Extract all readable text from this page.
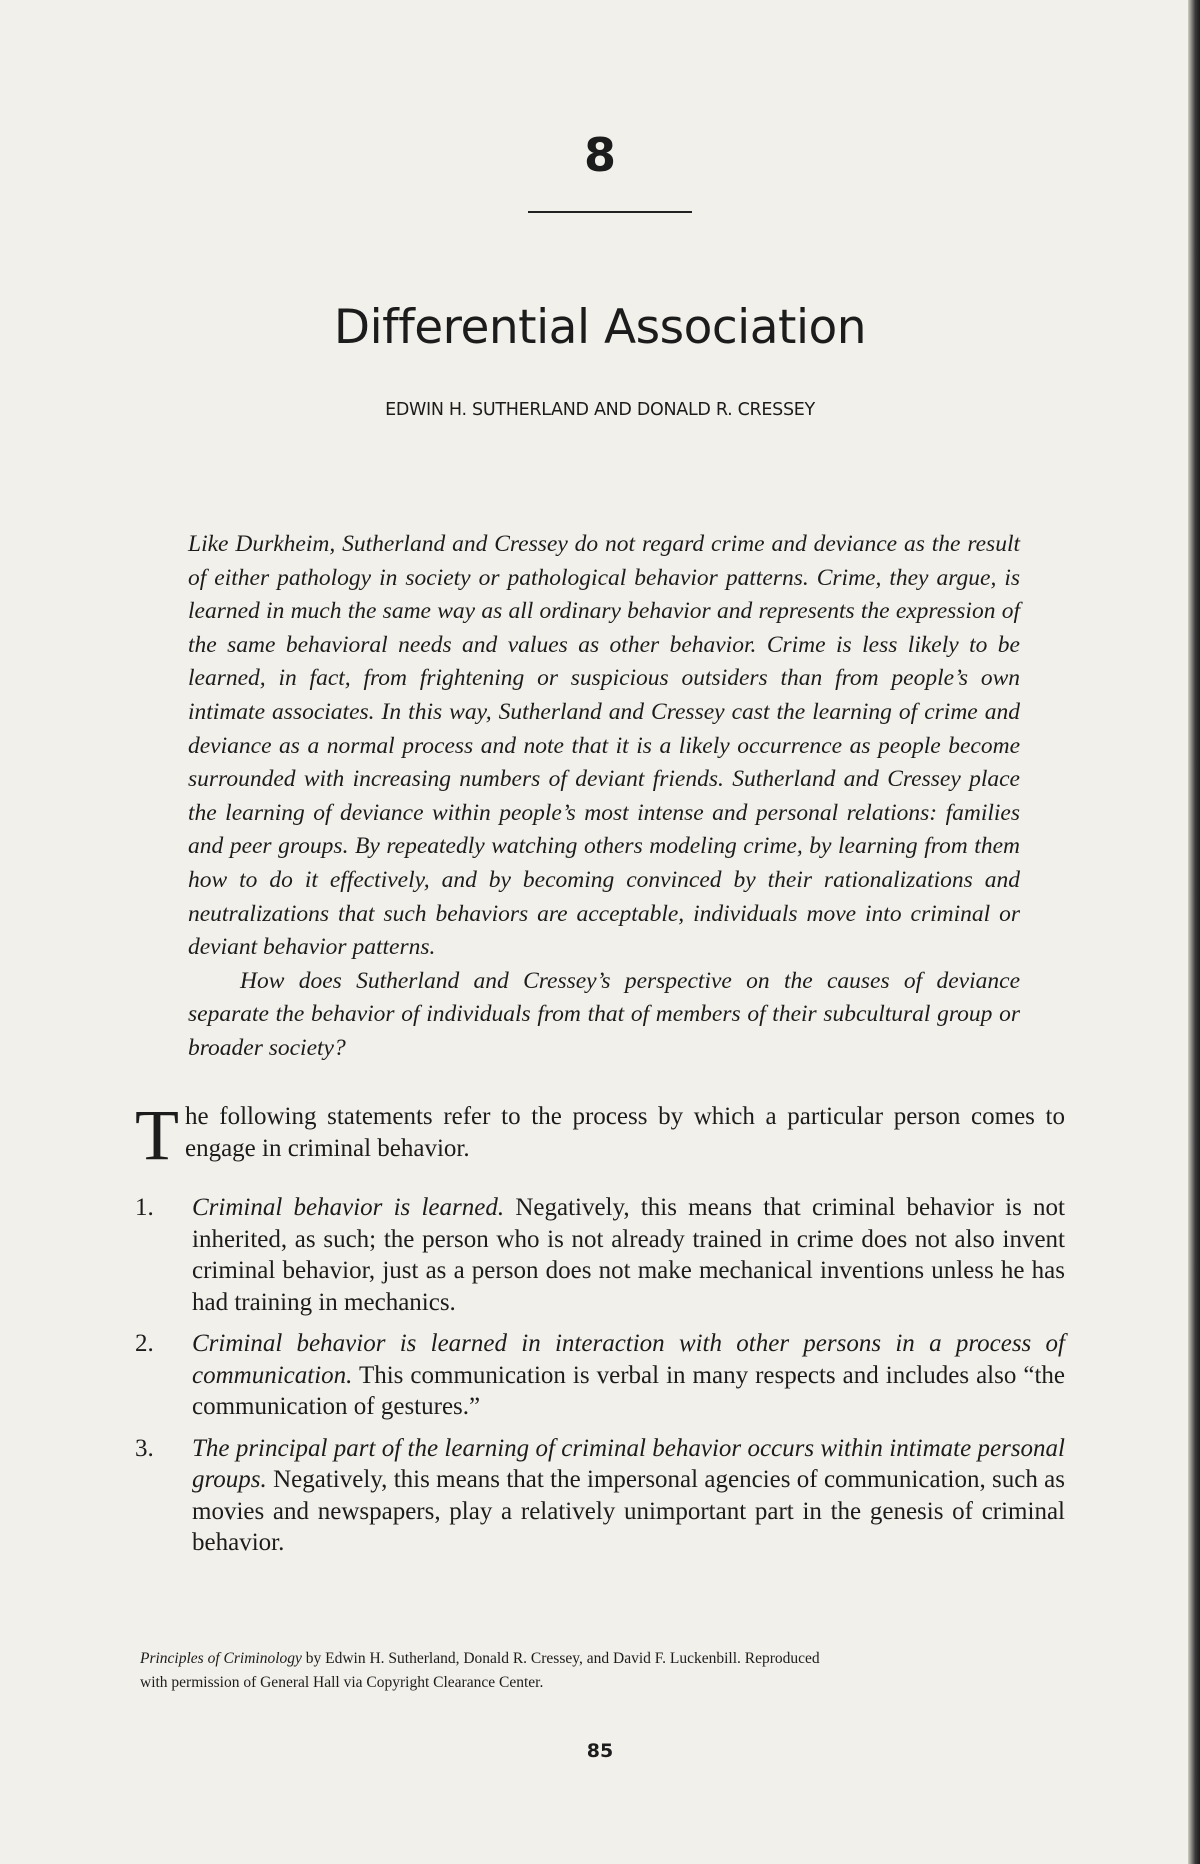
8
Differential Association
EDWIN H. SUTHERLAND AND DONALD R. CRESSEY

Like Durkheim, Sutherland and Cressey do not regard crime and deviance as the result of either pathology in society or pathological behavior patterns. Crime, they argue, is learned in much the same way as all ordinary behavior and represents the expression of the same behavioral needs and values as other behavior. Crime is less likely to be learned, in fact, from frightening or suspicious outsiders than from people’s own intimate associates. In this way, Sutherland and Cressey cast the learning of crime and deviance as a normal process and note that it is a likely occurrence as people become surrounded with increasing numbers of deviant friends. Sutherland and Cressey place the learning of deviance within people’s most intense and personal relations: families and peer groups. By repeatedly watching others modeling crime, by learning from them how to do it effectively, and by becoming convinced by their rationalizations and neutralizations that such behaviors are acceptable, individuals move into criminal or deviant behavior patterns.

How does Sutherland and Cressey’s perspective on the causes of deviance separate the behavior of individuals from that of members of their subcultural group or broader society?

The following statements refer to the process by which a particular person comes to engage in criminal behavior.

1. Criminal behavior is learned. Negatively, this means that criminal behavior is not inherited, as such; the person who is not already trained in crime does not also invent criminal behavior, just as a person does not make mechanical inventions unless he has had training in mechanics.
2. Criminal behavior is learned in interaction with other persons in a process of communication. This communication is verbal in many respects and includes also “the communication of gestures.”
3. The principal part of the learning of criminal behavior occurs within intimate personal groups. Negatively, this means that the impersonal agencies of communication, such as movies and newspapers, play a relatively unimportant part in the genesis of criminal behavior.
Principles of Criminology by Edwin H. Sutherland, Donald R. Cressey, and David F. Luckenbill. Reproduced with permission of General Hall via Copyright Clearance Center.
85
